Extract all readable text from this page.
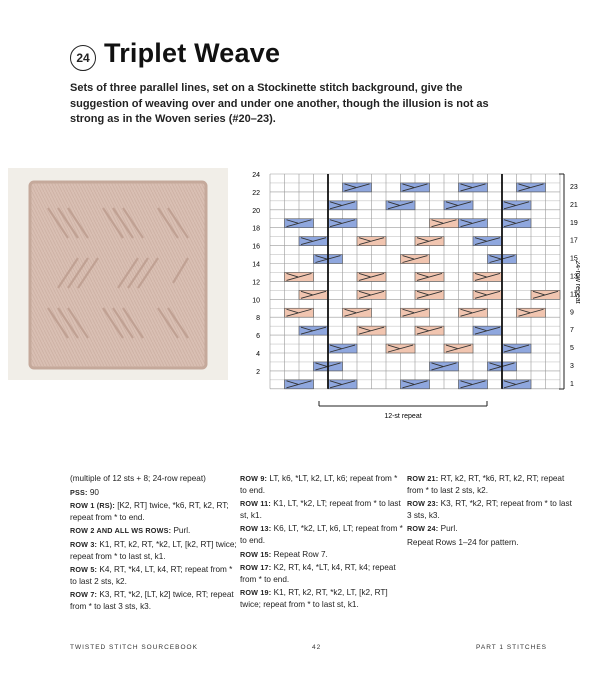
24 Triplet Weave
Sets of three parallel lines, set on a Stockinette stitch background, give the suggestion of weaving over and under one another, though the illusion is not as strong as in the Woven series (#20–23).
24
22
20
18
16
14
12
10
8
6
4
2
23
21
19
17
15
13
11
9
7
5
3
1
12-st repeat
24-row repeat

(multiple of 12 sts + 8; 24-row repeat)

PSS: 90

ROW 1 (RS): [K2, RT] twice, *k6, RT, k2, RT; repeat from * to end.

ROW 2 AND ALL WS ROWS: Purl.

ROW 3: K1, RT, k2, RT, *k2, LT, [k2, RT] twice; repeat from * to last st, k1.

ROW 5: K4, RT, *k4, LT, k4, RT; repeat from * to last 2 sts, k2.

ROW 7: K3, RT, *k2, [LT, k2] twice, RT; repeat from * to last 3 sts, k3.

ROW 9: LT, k6, *LT, k2, LT, k6; repeat from * to end.

ROW 11: K1, LT, *k2, LT; repeat from * to last st, k1.

ROW 13: K6, LT, *k2, LT, k6, LT; repeat from * to end.

ROW 15: Repeat Row 7.

ROW 17: K2, RT, k4, *LT, k4, RT, k4; repeat from * to end.

ROW 19: K1, RT, k2, RT, *k2, LT, [k2, RT] twice; repeat from * to last st, k1.

ROW 21: RT, k2, RT, *k6, RT, k2, RT; repeat from * to last 2 sts, k2.

ROW 23: K3, RT, *k2, RT; repeat from * to last 3 sts, k3.

ROW 24: Purl.

Repeat Rows 1–24 for pattern.

TWISTED STITCH SOURCEBOOK	42	PART 1 STITCHES
